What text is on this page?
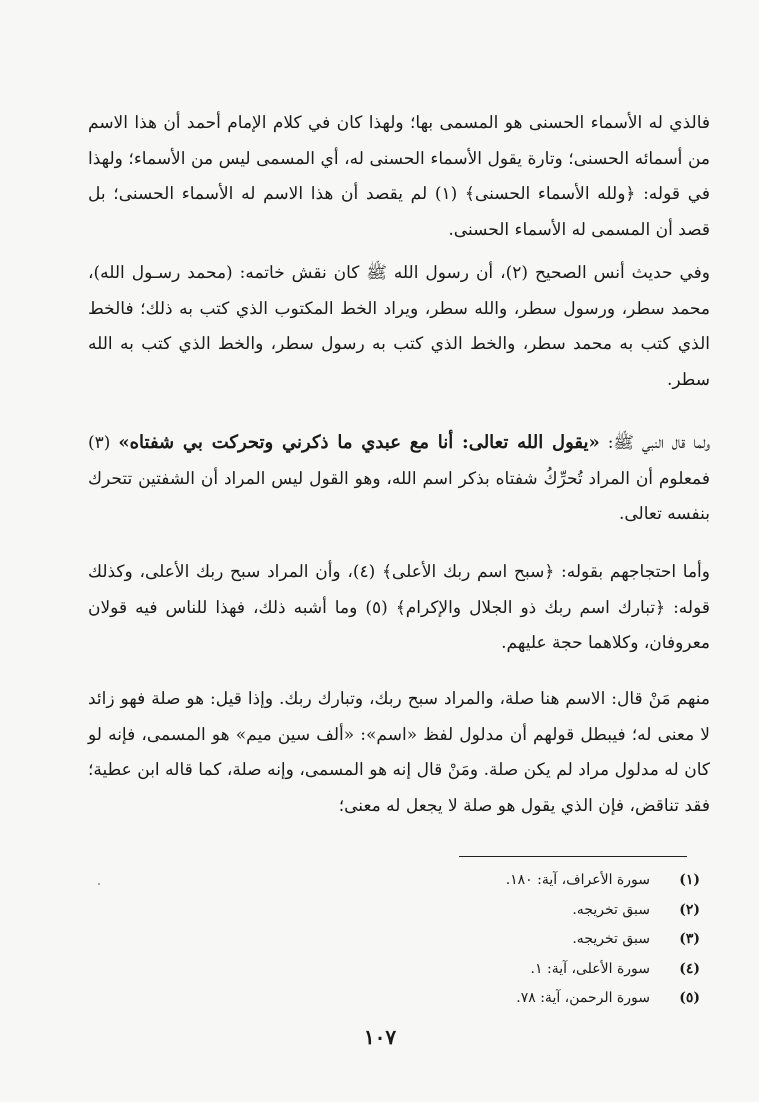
فالذي له الأسماء الحسنى هو المسمى بها؛ ولهذا كان في كلام الإمام أحمد أن هذا الاسم من أسمائه الحسنى؛ وتارة يقول الأسماء الحسنى له، أي المسمى ليس من الأسماء؛ ولهذا في قوله: ﴿ولله الأسماء الحسنى﴾ (١) لم يقصد أن هذا الاسم له الأسماء الحسنى؛ بل قصد أن المسمى له الأسماء الحسنى.

وفي حديث أنس الصحيح (٢)، أن رسول الله ﷺ كان نقش خاتمه: (محمد رسـول الله)، محمد سطر، ورسول سطر، والله سطر، ويراد الخط المكتوب الذي كتب به ذلك؛ فالخط الذي كتب به محمد سطر، والخط الذي كتب به رسول سطر، والخط الذي كتب به الله سطر.

ولما قال النبي ﷺ: «يقول الله تعالى: أنا مع عبدي ما ذكرني وتحركت بي شفتاه» (٣) فمعلوم أن المراد تُحرِّكُ شفتاه بذكر اسم الله، وهو القول ليس المراد أن الشفتين تتحرك بنفسه تعالى.

وأما احتجاجهم بقوله: ﴿سبح اسم ربك الأعلى﴾ (٤)، وأن المراد سبح ربك الأعلى، وكذلك قوله: ﴿تبارك اسم ربك ذو الجلال والإكرام﴾ (٥) وما أشبه ذلك، فهذا للناس فيه قولان معروفان، وكلاهما حجة عليهم.

منهم مَنْ قال: الاسم هنا صلة، والمراد سبح ربك، وتبارك ربك. وإذا قيل: هو صلة فهو زائد لا معنى له؛ فيبطل قولهم أن مدلول لفظ «اسم»: «ألف سين ميم» هو المسمى، فإنه لو كان له مدلول مراد لم يكن صلة. ومَنْ قال إنه هو المسمى، وإنه صلة، كما قاله ابن عطية؛ فقد تناقض، فإن الذي يقول هو صلة لا يجعل له معنى؛

(١)
سورة الأعراف، آية: ١٨٠.
(٢)
سبق تخريجه.
(٣)
سبق تخريجه.
(٤)
سورة الأعلى، آية: ١.
(٥)
سورة الرحمن، آية: ٧٨.
١٠٧
